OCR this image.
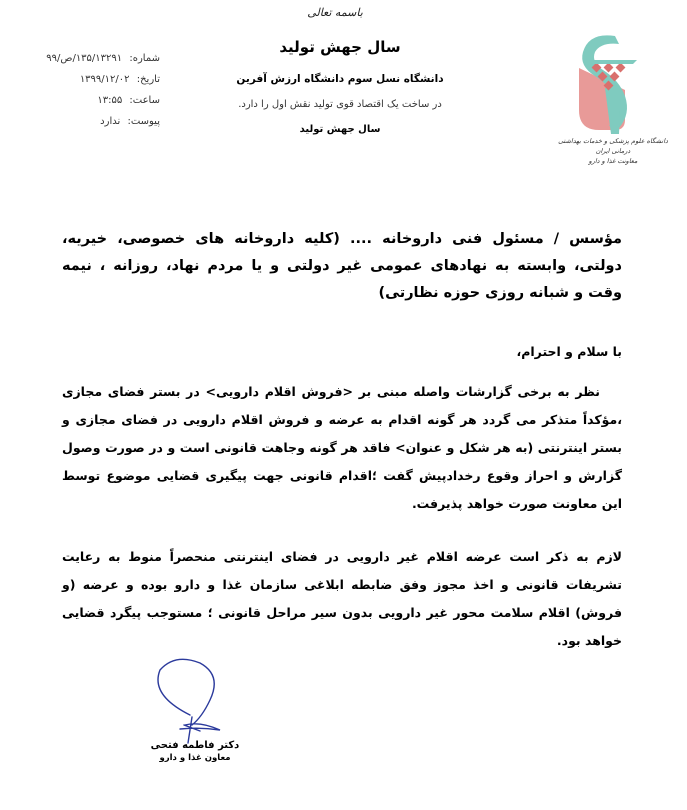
باسمه تعالی
سال جهش تولید
دانشگاه نسل سوم دانشگاه ارزش آفرین
در ساخت یک اقتصاد قوی تولید نقش اول را دارد.
سال جهش تولید
شماره: ۱۳۵/۱۳۲۹۱/ص/۹۹
تاریخ: ۱۳۹۹/۱۲/۰۲
ساعت: ۱۳:۵۵
پیوست: ندارد
دانشگاه علوم پزشکی و خدمات بهداشتی درمانی ایران
معاونت غذا و دارو
مؤسس / مسئول فنی داروخانه .... (کلیه داروخانه های خصوصی، خیریه، دولتی، وابسته به نهادهای عمومی غیر دولتی و یا مردم نهاد، روزانه ، نیمه وقت و شبانه روزی حوزه نظارتی)
با سلام و احترام،
نظر به برخی گزارشات واصله مبنی بر <فروش اقلام دارویی> در بستر فضای مجازی ،مؤکداً متذکر می گردد هر گونه اقدام به عرضه و فروش اقلام دارویی در فضای مجازی و بستر اینترنتی (به هر شکل و عنوان> فاقد هر گونه وجاهت قانونی است و در صورت وصول گزارش و احراز وقوع رخدادپیش گفت ؛اقدام قانونی جهت پیگیری قضایی موضوع توسط این معاونت صورت خواهد پذیرفت.
لازم به ذکر است عرضه اقلام غیر دارویی در فضای اینترنتی منحصراً منوط به رعایت تشریفات قانونی و اخذ مجوز وفق ضابطه ابلاغی سازمان غذا و دارو بوده و عرضه (و فروش) اقلام سلامت محور غیر دارویی بدون سیر مراحل قانونی ؛ مستوجب پیگرد قضایی خواهد بود.
دکتر فاطمه فتحی
معاون غذا و دارو
